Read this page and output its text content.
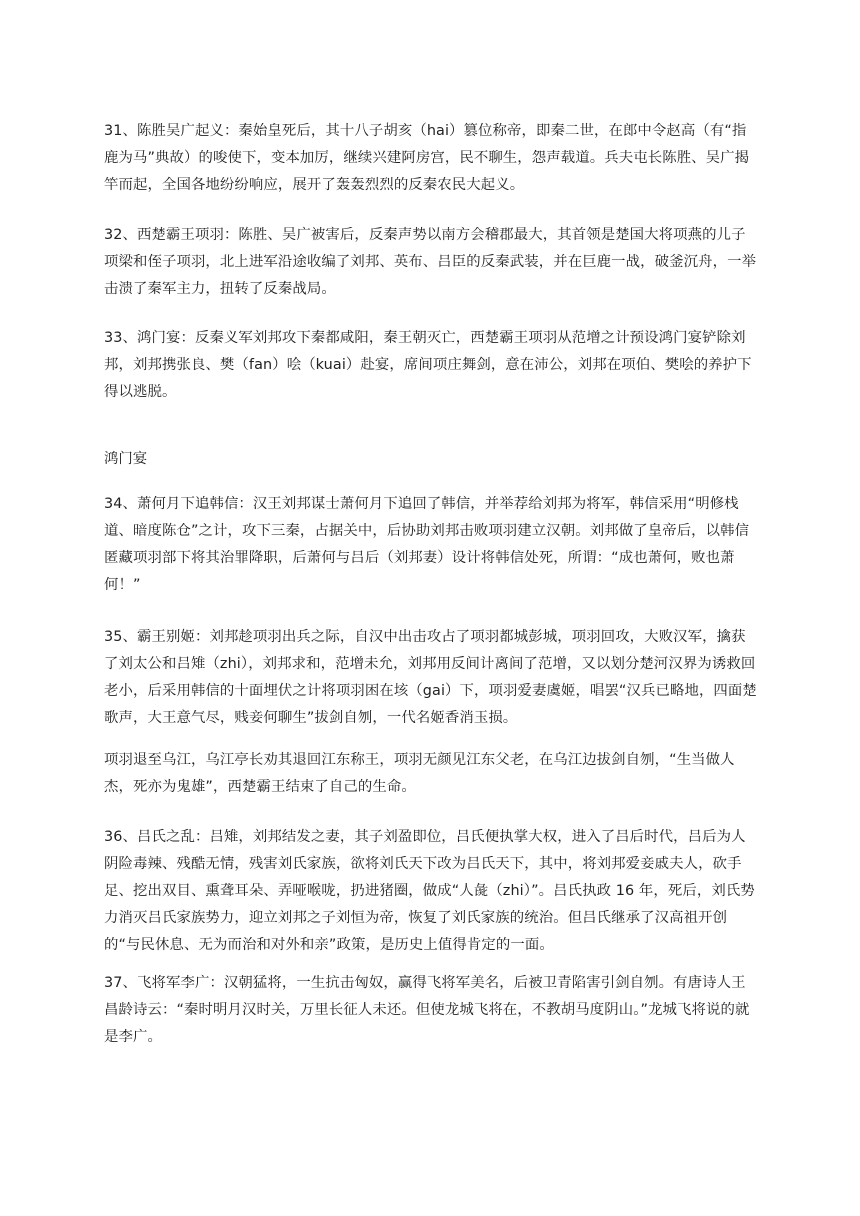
31、陈胜吴广起义：秦始皇死后，其十八子胡亥（hai）篡位称帝，即秦二世，在郎中令赵高（有“指鹿为马”典故）的唆使下，变本加厉，继续兴建阿房宫，民不聊生，怨声载道。兵夫屯长陈胜、吴广揭竿而起，全国各地纷纷响应，展开了轰轰烈烈的反秦农民大起义。

32、西楚霸王项羽：陈胜、吴广被害后，反秦声势以南方会稽郡最大，其首领是楚国大将项燕的儿子项梁和侄子项羽，北上进军沿途收编了刘邦、英布、吕臣的反秦武装，并在巨鹿一战，破釜沉舟，一举击溃了秦军主力，扭转了反秦战局。

33、鸿门宴：反秦义军刘邦攻下秦都咸阳，秦王朝灭亡，西楚霸王项羽从范增之计预设鸿门宴铲除刘邦，刘邦携张良、樊（fan）哙（kuai）赴宴，席间项庄舞剑，意在沛公，刘邦在项伯、樊哙的养护下得以逃脱。

鸿门宴

34、萧何月下追韩信：汉王刘邦谋士萧何月下追回了韩信，并举荐给刘邦为将军，韩信采用“明修栈道、暗度陈仓”之计，攻下三秦，占据关中，后协助刘邦击败项羽建立汉朝。刘邦做了皇帝后，以韩信匿藏项羽部下将其治罪降职，后萧何与吕后（刘邦妻）设计将韩信处死，所谓：“成也萧何，败也萧何！”

35、霸王别姬：刘邦趁项羽出兵之际，自汉中出击攻占了项羽都城彭城，项羽回攻，大败汉军，擒获了刘太公和吕雉（zhi），刘邦求和，范增未允，刘邦用反间计离间了范增，又以划分楚河汉界为诱救回老小，后采用韩信的十面埋伏之计将项羽困在垓（gai）下，项羽爱妻虞姬，唱罢“汉兵已略地，四面楚歌声，大王意气尽，贱妾何聊生”拔剑自刎，一代名姬香消玉损。

项羽退至乌江，乌江亭长劝其退回江东称王，项羽无颜见江东父老，在乌江边拔剑自刎，“生当做人杰，死亦为鬼雄”，西楚霸王结束了自己的生命。

36、吕氏之乱：吕雉，刘邦结发之妻，其子刘盈即位，吕氏便执掌大权，进入了吕后时代，吕后为人阴险毒辣、残酷无情，残害刘氏家族，欲将刘氏天下改为吕氏天下，其中，将刘邦爱妾戚夫人，砍手足、挖出双目、熏聋耳朵、弄哑喉咙，扔进猪圈，做成“人彘（zhi）”。吕氏执政 16 年，死后，刘氏势力消灭吕氏家族势力，迎立刘邦之子刘恒为帝，恢复了刘氏家族的统治。但吕氏继承了汉高祖开创的“与民休息、无为而治和对外和亲”政策，是历史上值得肯定的一面。

37、飞将军李广：汉朝猛将，一生抗击匈奴，赢得飞将军美名，后被卫青陷害引剑自刎。有唐诗人王昌龄诗云：“秦时明月汉时关，万里长征人未还。但使龙城飞将在，不教胡马度阴山。”龙城飞将说的就是李广。
